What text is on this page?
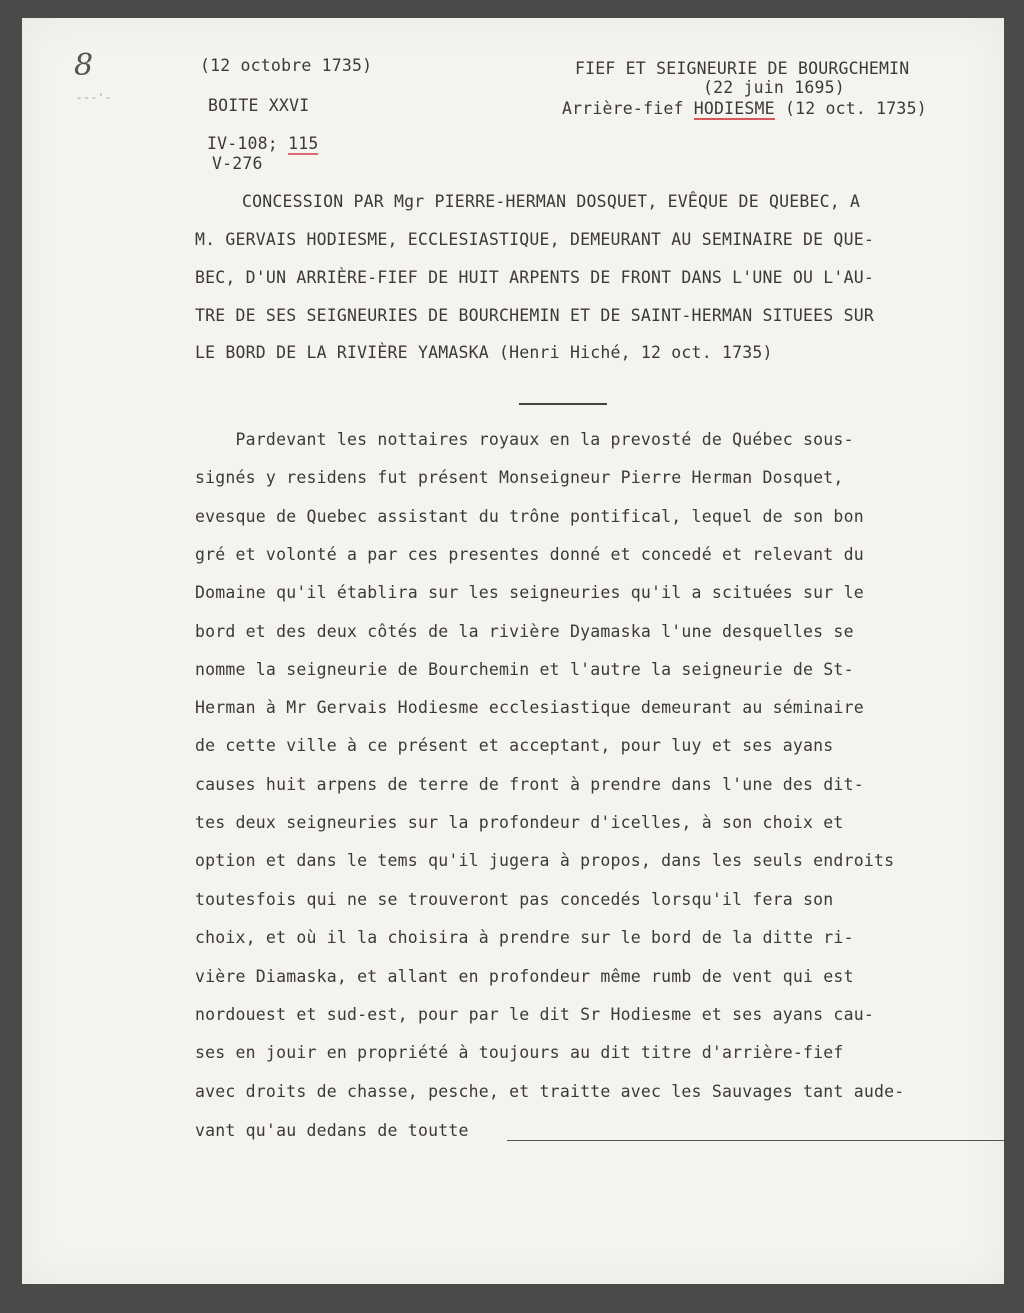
8
- - - ' -
(12 octobre 1735)
BOITE XXVI
IV-108; 115
V-276
FIEF ET SEIGNEURIE DE BOURGCHEMIN
(22 juin 1695)
Arrière-fief HODIESME (12 oct. 1735)
CONCESSION PAR Mgr PIERRE-HERMAN DOSQUET, EVÊQUE DE QUEBEC, A
M. GERVAIS HODIESME, ECCLESIASTIQUE, DEMEURANT AU SEMINAIRE DE QUE-
BEC, D'UN ARRIÈRE-FIEF DE HUIT ARPENTS DE FRONT DANS L'UNE OU L'AU-
TRE DE SES SEIGNEURIES DE BOURCHEMIN ET DE SAINT-HERMAN SITUEES SUR
LE BORD DE LA RIVIÈRE YAMASKA (Henri Hiché, 12 oct. 1735)
Pardevant les nottaires royaux en la prevosté de Québec sous-
signés y residens fut présent Monseigneur Pierre Herman Dosquet,
evesque de Quebec assistant du trône pontifical, lequel de son bon
gré et volonté a par ces presentes donné et concedé et relevant du
Domaine qu'il établira sur les seigneuries qu'il a scituées sur le
bord et des deux côtés de la rivière Dyamaska l'une desquelles se
nomme la seigneurie de Bourchemin et l'autre la seigneurie de St-
Herman à Mr Gervais Hodiesme ecclesiastique demeurant au séminaire
de cette ville à ce présent et acceptant, pour luy et ses ayans
causes huit arpens de terre de front à prendre dans l'une des dit-
tes deux seigneuries sur la profondeur d'icelles, à son choix et
option et dans le tems qu'il jugera à propos, dans les seuls endroits
toutesfois qui ne se trouveront pas concedés lorsqu'il fera son
choix, et où il la choisira à prendre sur le bord de la ditte ri-
vière Diamaska, et allant en profondeur même rumb de vent qui est
nordouest et sud-est, pour par le dit Sr Hodiesme et ses ayans cau-
ses en jouir en propriété à toujours au dit titre d'arrière-fief
avec droits de chasse, pesche, et traitte avec les Sauvages tant aude-
vant qu'au dedans de toutte
